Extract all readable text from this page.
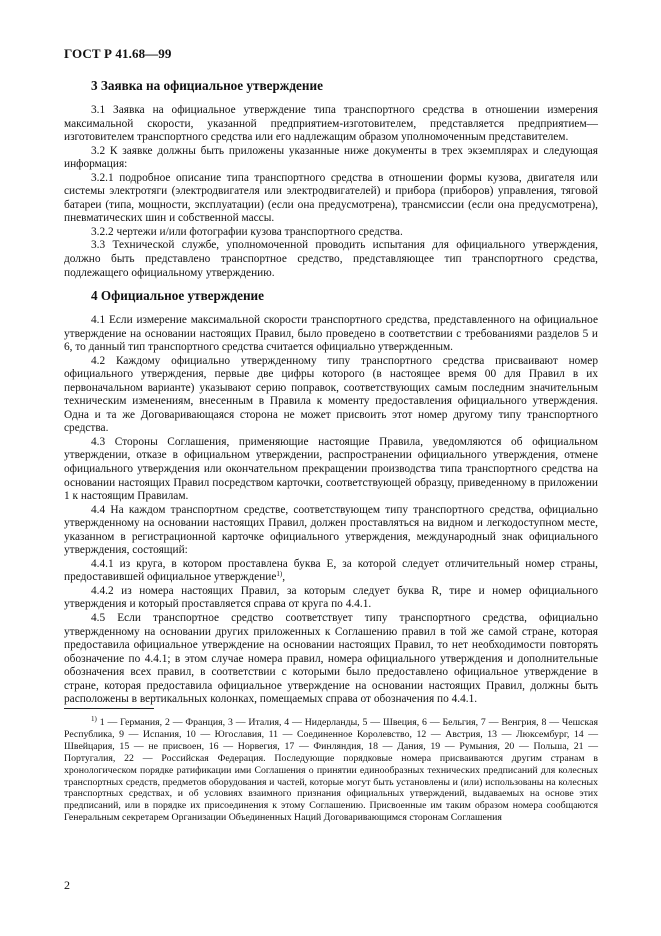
ГОСТ Р 41.68—99
3 Заявка на официальное утверждение

3.1 Заявка на официальное утверждение типа транспортного средства в отношении измерения максимальной скорости, указанной предприятием-изготовителем, представляется предприятием—изготовителем транспортного средства или его надлежащим образом уполномоченным представителем.

3.2 К заявке должны быть приложены указанные ниже документы в трех экземплярах и следующая информация:

3.2.1 подробное описание типа транспортного средства в отношении формы кузова, двигателя или системы электротяги (электродвигателя или электродвигателей) и прибора (приборов) управления, тяговой батареи (типа, мощности, эксплуатации) (если она предусмотрена), трансмиссии (если она предусмотрена), пневматических шин и собственной массы.

3.2.2 чертежи и/или фотографии кузова транспортного средства.

3.3 Технической службе, уполномоченной проводить испытания для официального утверждения, должно быть представлено транспортное средство, представляющее тип транспортного средства, подлежащего официальному утверждению.

4 Официальное утверждение

4.1 Если измерение максимальной скорости транспортного средства, представленного на официальное утверждение на основании настоящих Правил, было проведено в соответствии с требованиями разделов 5 и 6, то данный тип транспортного средства считается официально утвержденным.

4.2 Каждому официально утвержденному типу транспортного средства присваивают номер официального утверждения, первые две цифры которого (в настоящее время 00 для Правил в их первоначальном варианте) указывают серию поправок, соответствующих самым последним значительным техническим изменениям, внесенным в Правила к моменту предоставления официального утверждения. Одна и та же Договаривающаяся сторона не может присвоить этот номер другому типу транспортного средства.

4.3 Стороны Соглашения, применяющие настоящие Правила, уведомляются об официальном утверждении, отказе в официальном утверждении, распространении официального утверждения, отмене официального утверждения или окончательном прекращении производства типа транспортного средства на основании настоящих Правил посредством карточки, соответствующей образцу, приведенному в приложении 1 к настоящим Правилам.

4.4 На каждом транспортном средстве, соответствующем типу транспортного средства, официально утвержденному на основании настоящих Правил, должен проставляться на видном и легкодоступном месте, указанном в регистрационной карточке официального утверждения, международный знак официального утверждения, состоящий:

4.4.1 из круга, в котором проставлена буква E, за которой следует отличительный номер страны, предоставившей официальное утверждение$^{1)}$,

4.4.2 из номера настоящих Правил, за которым следует буква R, тире и номер официального утверждения и который проставляется справа от круга по 4.4.1.

4.5 Если транспортное средство соответствует типу транспортного средства, официально утвержденному на основании других приложенных к Соглашению правил в той же самой стране, которая предоставила официальное утверждение на основании настоящих Правил, то нет необходимости повторять обозначение по 4.4.1; в этом случае номера правил, номера официального утверждения и дополнительные обозначения всех правил, в соответствии с которыми было предоставлено официальное утверждение в стране, которая предоставила официальное утверждение на основании настоящих Правил, должны быть расположены в вертикальных колонках, помещаемых справа от обозначения по 4.4.1.

$^{1)}$ 1 — Германия, 2 — Франция, 3 — Италия, 4 — Нидерланды, 5 — Швеция, 6 — Бельгия, 7 — Венгрия, 8 — Чешская Республика, 9 — Испания, 10 — Югославия, 11 — Соединенное Королевство, 12 — Австрия, 13 — Люксембург, 14 — Швейцария, 15 — не присвоен, 16 — Норвегия, 17 — Финляндия, 18 — Дания, 19 — Румыния, 20 — Польша, 21 — Португалия, 22 — Российская Федерация. Последующие порядковые номера присваиваются другим странам в хронологическом порядке ратификации ими Соглашения о принятии единообразных технических предписаний для колесных транспортных средств, предметов оборудования и частей, которые могут быть установлены и (или) использованы на колесных транспортных средствах, и об условиях взаимного признания официальных утверждений, выдаваемых на основе этих предписаний, или в порядке их присоединения к этому Соглашению. Присвоенные им таким образом номера сообщаются Генеральным секретарем Организации Объединенных Наций Договаривающимся сторонам Соглашения

2
